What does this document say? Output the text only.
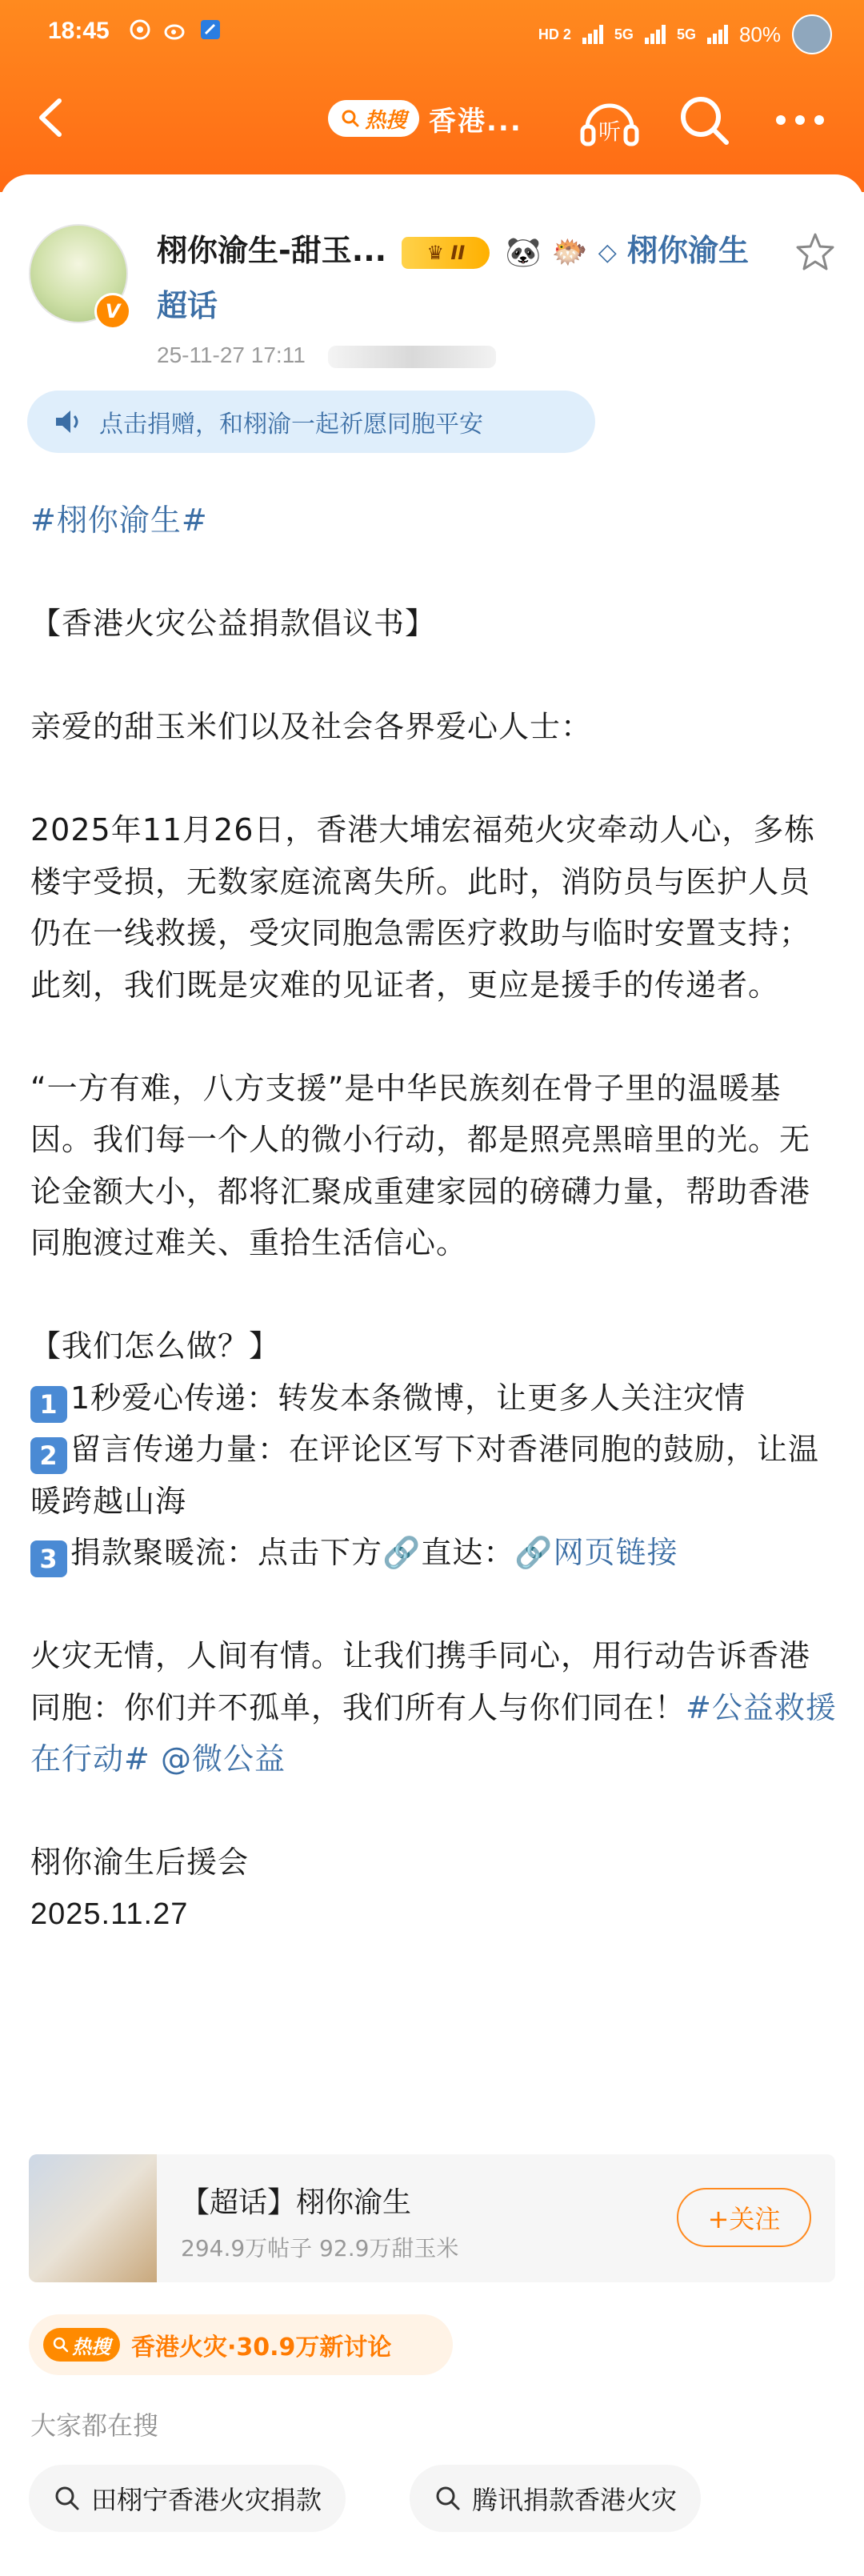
18:45	HD 2	5G	5G 80%
热搜 香港...	听
V
栩你渝生-甜玉... ♛ II 🐼 🐡 ◇ 栩你渝生超话
25-11-27 17:11
点击捐赠，和栩渝一起祈愿同胞平安

#栩你渝生#

【香港火灾公益捐款倡议书】

亲爱的甜玉米们以及社会各界爱心人士：

2025年11月26日，香港大埔宏福苑火灾牵动人心，多栋楼宇受损，无数家庭流离失所。此时，消防员与医护人员仍在一线救援，受灾同胞急需医疗救助与临时安置支持；此刻，我们既是灾难的见证者，更应是援手的传递者。

“一方有难，八方支援”是中华民族刻在骨子里的温暖基因。我们每一个人的微小行动，都是照亮黑暗里的光。无论金额大小，都将汇聚成重建家园的磅礴力量，帮助香港同胞渡过难关、重拾生活信心。

【我们怎么做？】

1 1秒爱心传递：转发本条微博，让更多人关注灾情

2 留言传递力量：在评论区写下对香港同胞的鼓励，让温暖跨越山海

3 捐款聚暖流：点击下方🔗直达：🔗网页链接

火灾无情，人间有情。让我们携手同心，用行动告诉香港同胞：你们并不孤单，我们所有人与你们同在！#公益救援在行动# @微公益

栩你渝生后援会

2025.11.27

【超话】栩你渝生
294.9万帖子 92.9万甜玉米
+关注
热搜 香港火灾·30.9万新讨论
大家都在搜
田栩宁香港火灾捐款	腾讯捐款香港火灾
